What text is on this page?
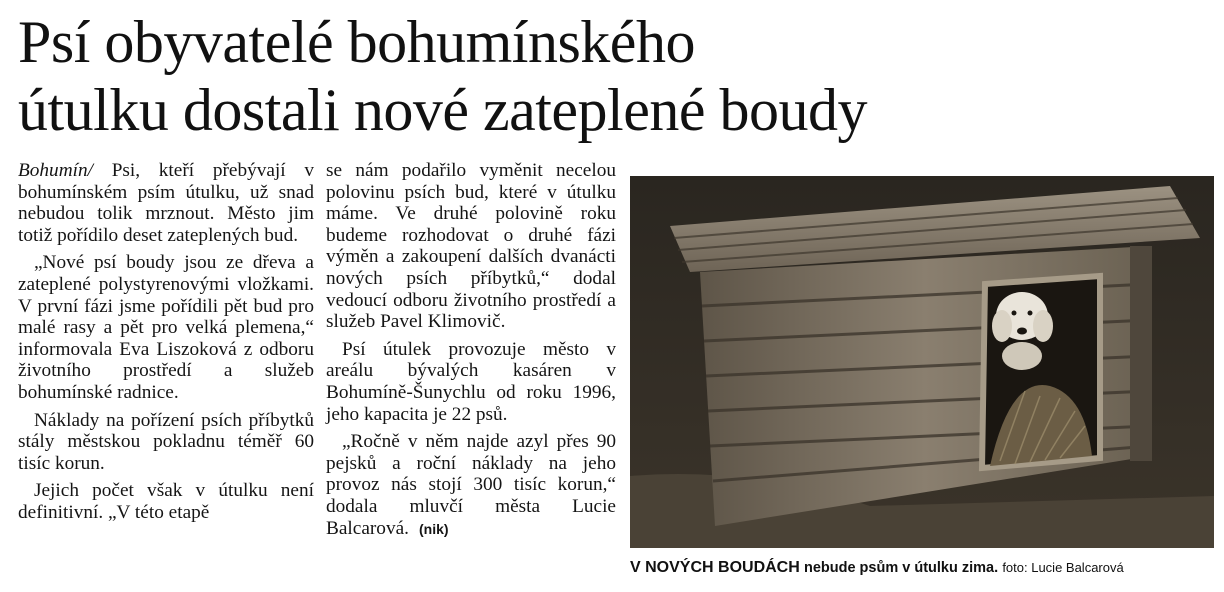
Psí obyvatelé bohumínského
útulku dostali nové zateplené boudy

Bohumín/ Psi, kteří přebývají v bohumínském psím útulku, už snad nebudou tolik mrznout. Město jim totiž pořídilo deset zateplených bud.

„Nové psí boudy jsou ze dřeva a zateplené polystyrenovými vložkami. V první fázi jsme pořídili pět bud pro malé rasy a pět pro velká plemena,“ informovala Eva Liszoková z odboru životního prostředí a služeb bohumínské radnice.

Náklady na pořízení psích příbytků stály městskou pokladnu téměř 60 tisíc korun.

Jejich počet však v útulku není definitivní. „V této etapě

se nám podařilo vyměnit necelou polovinu psích bud, které v útulku máme. Ve druhé polovině roku budeme rozhodovat o druhé fázi výměn a zakoupení dalších dvanácti nových psích příbytků,“ dodal vedoucí odboru životního prostředí a služeb Pavel Klimovič.

Psí útulek provozuje město v areálu bývalých kasáren v Bohumíně-Šunychlu od roku 1996, jeho kapacita je 22 psů.

„Ročně v něm najde azyl přes 90 pejsků a roční náklady na jeho provoz nás stojí 300 tisíc korun,“ dodala mluvčí města Lucie Balcarová. (nik)

V NOVÝCH BOUDÁCH nebude psům v útulku zima. foto: Lucie Balcarová
